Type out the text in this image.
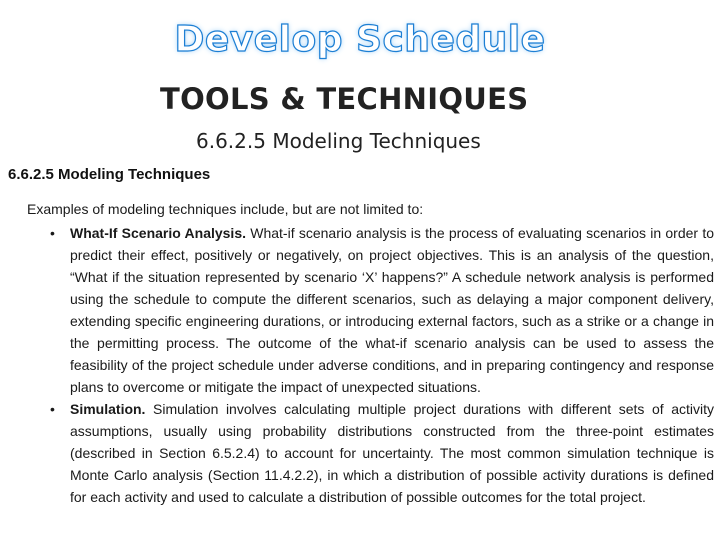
Develop Schedule
TOOLS & TECHNIQUES
6.6.2.5 Modeling Techniques
6.6.2.5 Modeling Techniques
Examples of modeling techniques include, but are not limited to:
• What-If Scenario Analysis. What-if scenario analysis is the process of evaluating scenarios in order to predict their effect, positively or negatively, on project objectives. This is an analysis of the question, “What if the situation represented by scenario ‘X’ happens?” A schedule network analysis is performed using the schedule to compute the different scenarios, such as delaying a major component delivery, extending specific engineering durations, or introducing external factors, such as a strike or a change in the permitting process. The outcome of the what-if scenario analysis can be used to assess the feasibility of the project schedule under adverse conditions, and in preparing contingency and response plans to overcome or mitigate the impact of unexpected situations.
• Simulation. Simulation involves calculating multiple project durations with different sets of activity assumptions, usually using probability distributions constructed from the three-point estimates (described in Section 6.5.2.4) to account for uncertainty. The most common simulation technique is Monte Carlo analysis (Section 11.4.2.2), in which a distribution of possible activity durations is defined for each activity and used to calculate a distribution of possible outcomes for the total project.
